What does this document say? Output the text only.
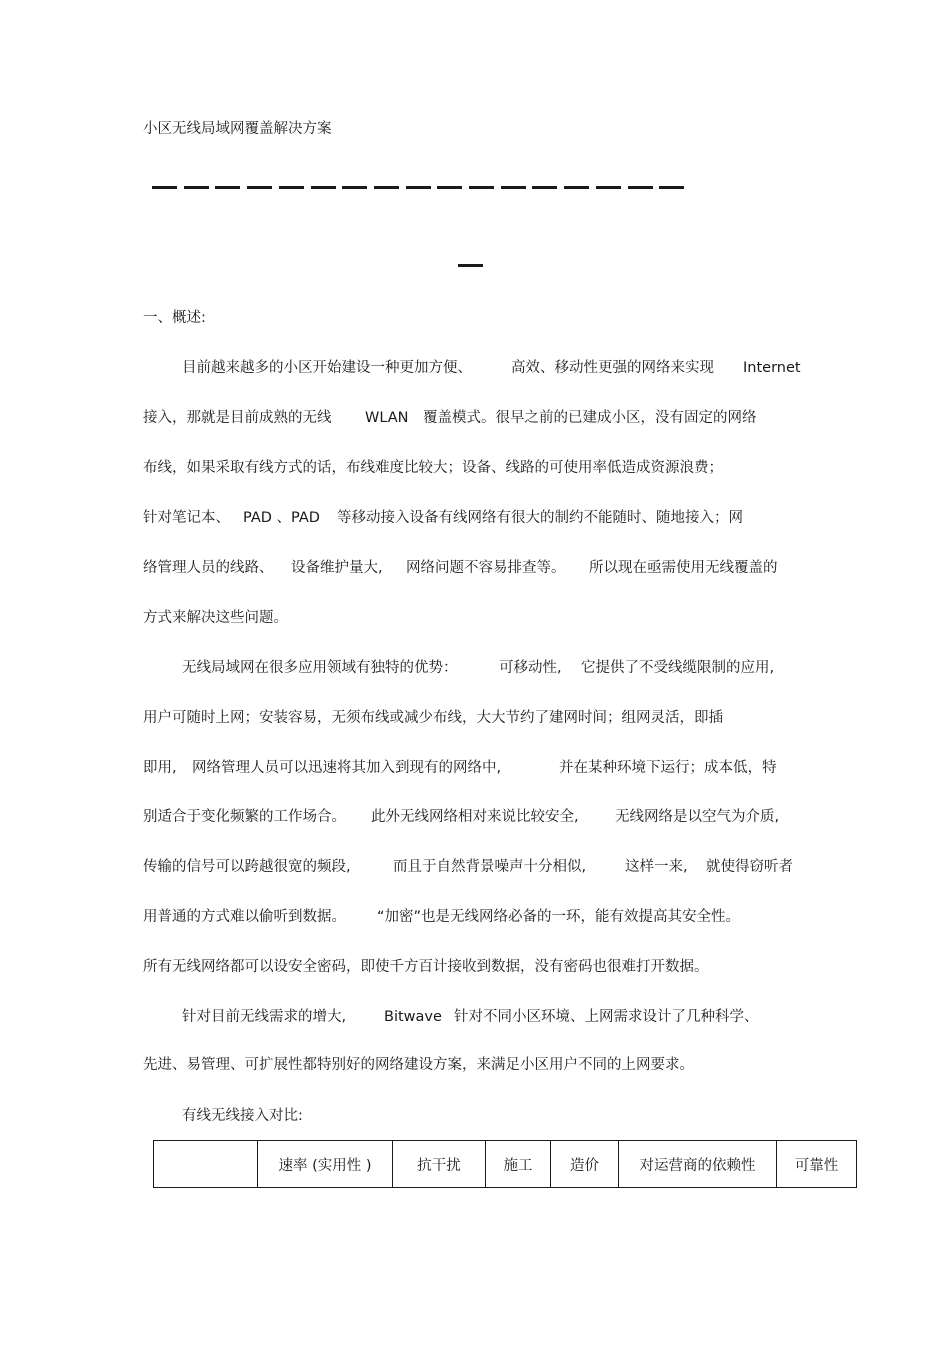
小区无线局域网覆盖解决方案
一、概述:
目前越来越多的小区开始建设一种更加方便、	高效、移动性更强的网络来实现 Internet
接入，那就是目前成熟的无线 WLAN 覆盖模式。很早之前的已建成小区，没有固定的网络
布线，如果采取有线方式的话，布线难度比较大；设备、线路的可使用率低造成资源浪费；
针对笔记本、 PAD 、PAD 等移动接入设备有线网络有很大的制约不能随时、随地接入；网
络管理人员的线路、 设备维护量大, 网络问题不容易排查等。 所以现在亟需使用无线覆盖的
方式来解决这些问题。
无线局域网在很多应用领域有独特的优势：	可移动性, 它提供了不受线缆限制的应用,
用户可随时上网；安装容易，无须布线或减少布线，大大节约了建网时间；组网灵活，即插
即用, 网络管理人员可以迅速将其加入到现有的网络中,	并在某种环境下运行；成本低，特
别适合于变化频繁的工作场合。 此外无线网络相对来说比较安全,	无线网络是以空气为介质,
传输的信号可以跨越很宽的频段,	而且于自然背景噪声十分相似,	这样一来, 就使得窃听者
用普通的方式难以偷听到数据。 “加密”也是无线网络必备的一环，能有效提高其安全性。
所有无线网络都可以设安全密码，即使千方百计接收到数据，没有密码也很难打开数据。
针对目前无线需求的增大,	Bitwave 针对不同小区环境、上网需求设计了几种科学、
先进、易管理、可扩展性都特别好的网络建设方案，来满足小区用户不同的上网要求。
有线无线接入对比:
	速率 (实用性 )	抗干扰	施工	造价	对运营商的依赖性	可靠性
